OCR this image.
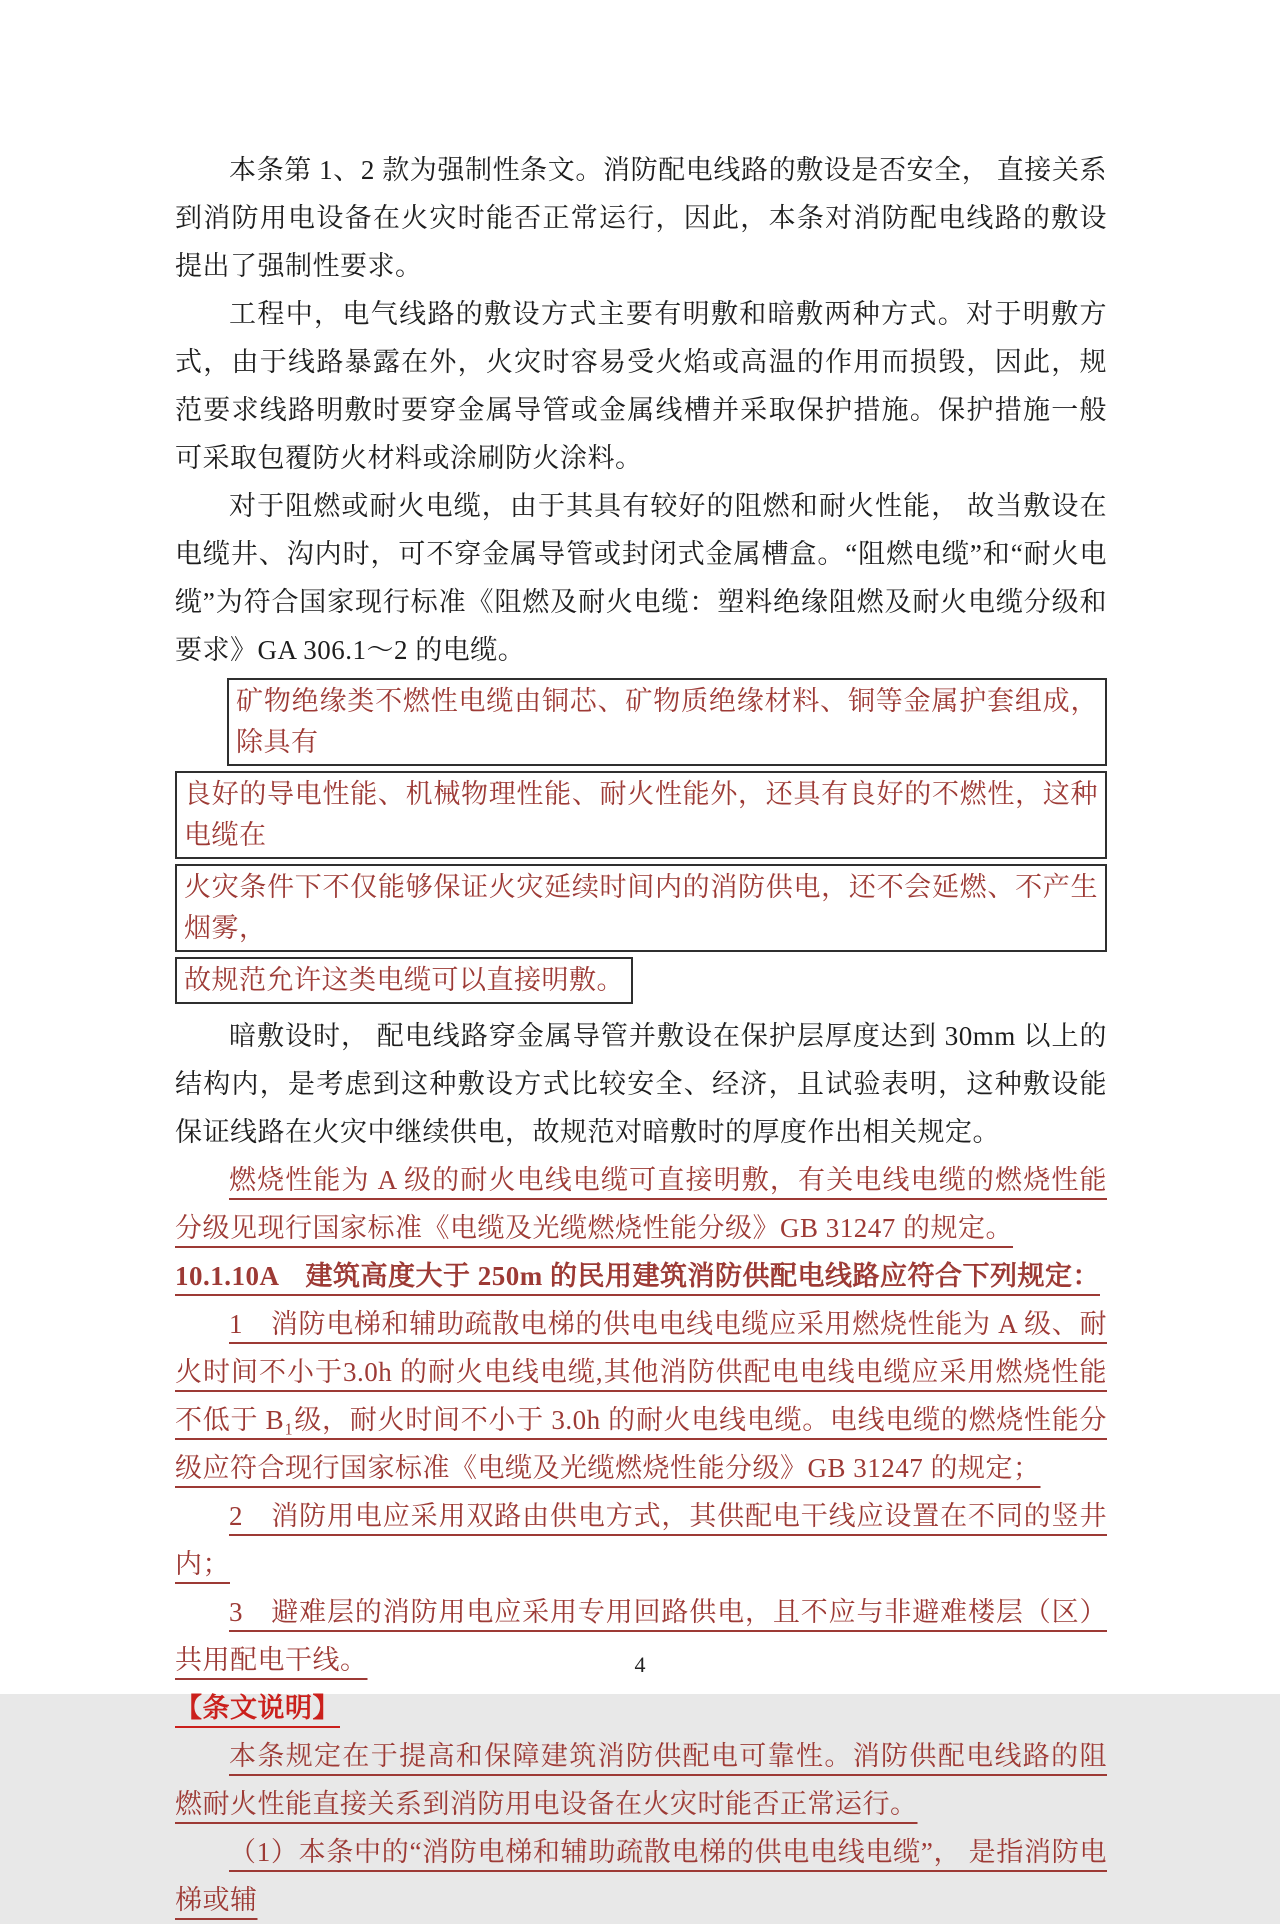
本条第 1、2 款为强制性条文。消防配电线路的敷设是否安全， 直接关系到消防用电设备在火灾时能否正常运行，因此，本条对消防配电线路的敷设提出了强制性要求。

工程中，电气线路的敷设方式主要有明敷和暗敷两种方式。对于明敷方式，由于线路暴露在外，火灾时容易受火焰或高温的作用而损毁，因此，规范要求线路明敷时要穿金属导管或金属线槽并采取保护措施。保护措施一般可采取包覆防火材料或涂刷防火涂料。

对于阻燃或耐火电缆，由于其具有较好的阻燃和耐火性能， 故当敷设在电缆井、沟内时，可不穿金属导管或封闭式金属槽盒。“阻燃电缆”和“耐火电缆”为符合国家现行标准《阻燃及耐火电缆：塑料绝缘阻燃及耐火电缆分级和要求》GA 306.1～2 的电缆。

矿物绝缘类不燃性电缆由铜芯、矿物质绝缘材料、铜等金属护套组成，除具有
良好的导电性能、机械物理性能、耐火性能外，还具有良好的不燃性，这种电缆在
火灾条件下不仅能够保证火灾延续时间内的消防供电，还不会延燃、不产生烟雾，
故规范允许这类电缆可以直接明敷。

暗敷设时， 配电线路穿金属导管并敷设在保护层厚度达到 30mm 以上的结构内，是考虑到这种敷设方式比较安全、经济，且试验表明，这种敷设能保证线路在火灾中继续供电，故规范对暗敷时的厚度作出相关规定。

燃烧性能为 A 级的耐火电线电缆可直接明敷，有关电线电缆的燃烧性能分级见现行国家标准《电缆及光缆燃烧性能分级》GB 31247 的规定。

10.1.10A　建筑高度大于 250m 的民用建筑消防供配电线路应符合下列规定：

1　消防电梯和辅助疏散电梯的供电电线电缆应采用燃烧性能为 A 级、耐火时间不小于3.0h 的耐火电线电缆,其他消防供配电电线电缆应采用燃烧性能不低于 B₁级，耐火时间不小于 3.0h 的耐火电线电缆。电线电缆的燃烧性能分级应符合现行国家标准《电缆及光缆燃烧性能分级》GB 31247 的规定；

2　消防用电应采用双路由供电方式，其供配电干线应设置在不同的竖井内；

3　避难层的消防用电应采用专用回路供电，且不应与非避难楼层（区）共用配电干线。

【条文说明】

本条规定在于提高和保障建筑消防供配电可靠性。消防供配电线路的阻燃耐火性能直接关系到消防用电设备在火灾时能否正常运行。

（1）本条中的“消防电梯和辅助疏散电梯的供电电线电缆”， 是指消防电梯或辅

4
